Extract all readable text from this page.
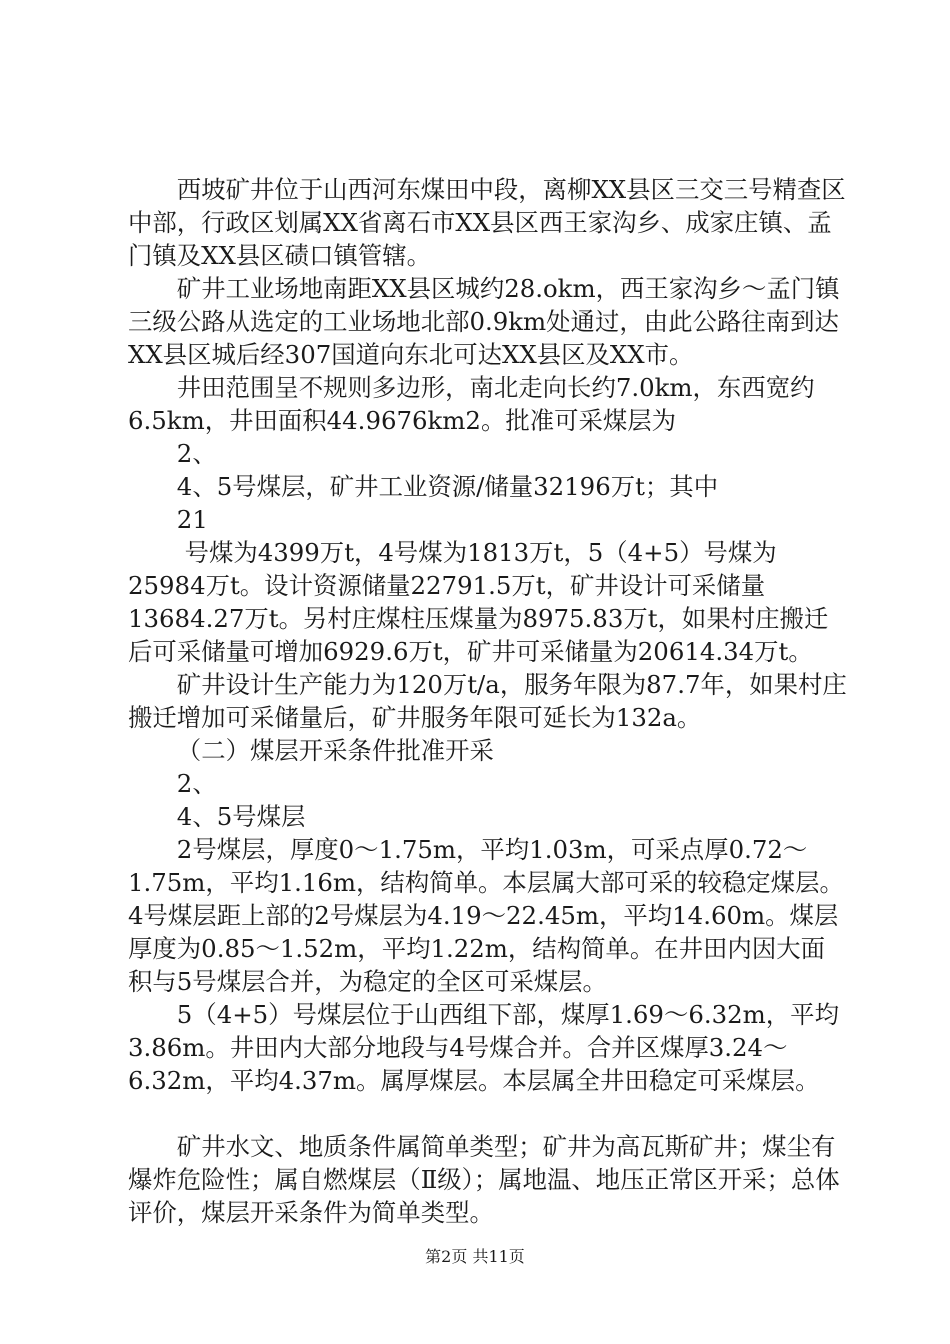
西坡矿井位于山西河东煤田中段，离柳XX县区三交三号精查区中部，行政区划属XX省离石市XX县区西王家沟乡、成家庄镇、孟门镇及XX县区碛口镇管辖。

矿井工业场地南距XX县区城约28.okm，西王家沟乡～孟门镇三级公路从选定的工业场地北部0.9km处通过，由此公路往南到达XX县区城后经307国道向东北可达XX县区及XX市。

井田范围呈不规则多边形，南北走向长约7.0km，东西宽约6.5km，井田面积44.9676km2。批准可采煤层为

2、

4、5号煤层，矿井工业资源/储量32196万t；其中

21

号煤为4399万t，4号煤为1813万t，5（4+5）号煤为25984万t。设计资源储量22791.5万t，矿井设计可采储量13684.27万t。另村庄煤柱压煤量为8975.83万t，如果村庄搬迁后可采储量可增加6929.6万t，矿井可采储量为20614.34万t。

矿井设计生产能力为120万t/a，服务年限为87.7年，如果村庄搬迁增加可采储量后，矿井服务年限可延长为132a。

（二）煤层开采条件批准开采

2、

4、5号煤层

2号煤层，厚度0～1.75m，平均1.03m，可采点厚0.72～1.75m，平均1.16m，结构简单。本层属大部可采的较稳定煤层。4号煤层距上部的2号煤层为4.19～22.45m，平均14.60m。煤层厚度为0.85～1.52m，平均1.22m，结构简单。在井田内因大面积与5号煤层合并，为稳定的全区可采煤层。

5（4+5）号煤层位于山西组下部，煤厚1.69～6.32m，平均3.86m。井田内大部分地段与4号煤合并。合并区煤厚3.24～6.32m，平均4.37m。属厚煤层。本层属全井田稳定可采煤层。

矿井水文、地质条件属简单类型；矿井为高瓦斯矿井；煤尘有爆炸危险性；属自燃煤层（Ⅱ级）；属地温、地压正常区开采；总体评价，煤层开采条件为简单类型。

第2页 共11页
